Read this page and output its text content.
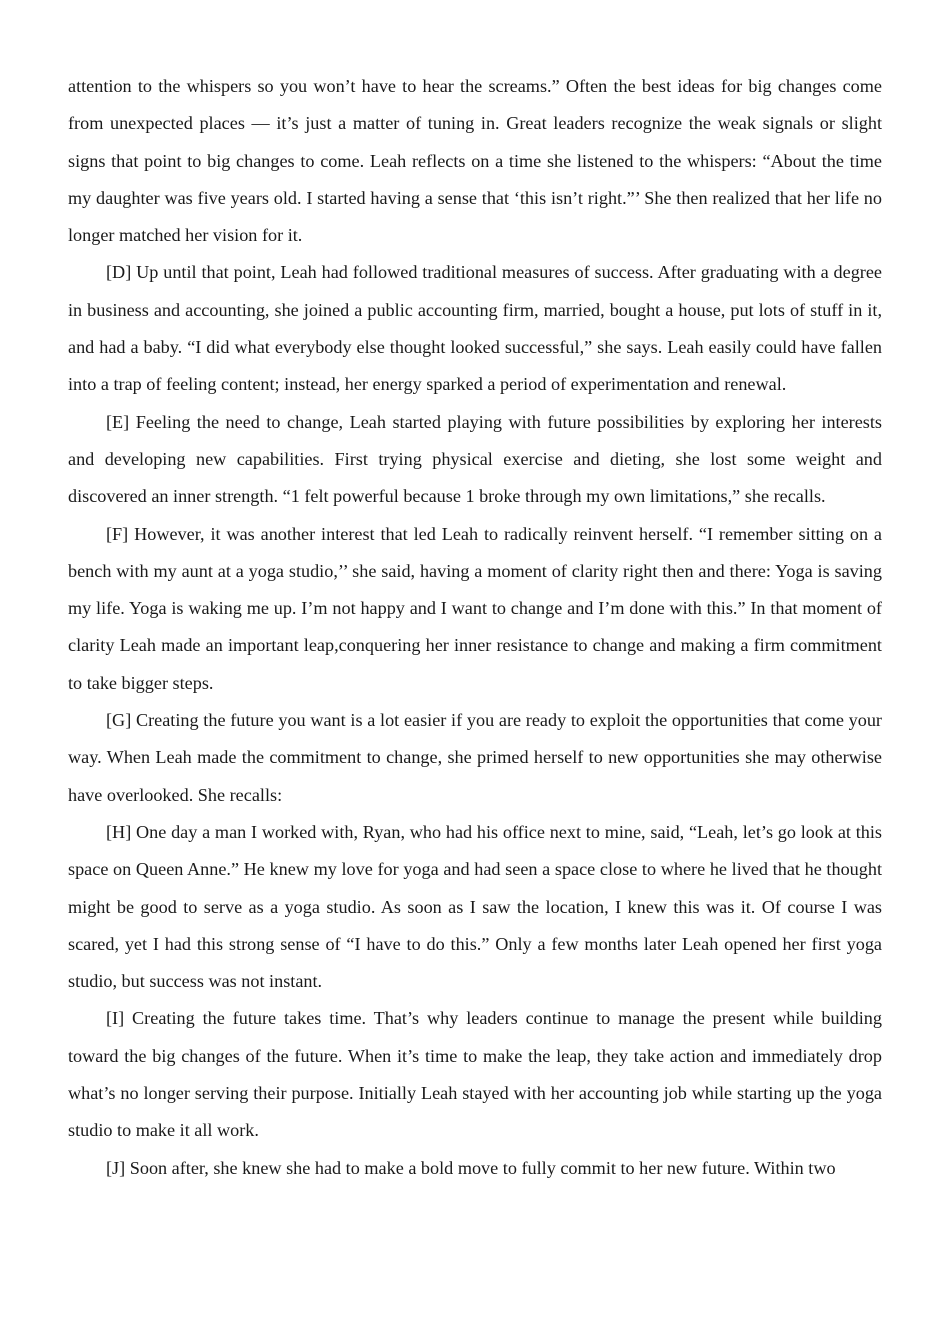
attention to the whispers so you won’t have to hear the screams.” Often the best ideas for big changes come from unexpected places — it’s just a matter of tuning in. Great leaders recognize the weak signals or slight signs that point to big changes to come. Leah reflects on a time she listened to the whispers: “About the time my daughter was five years old. I started having a sense that ‘this isn’t right.”’ She then realized that her life no longer matched her vision for it.

[D] Up until that point, Leah had followed traditional measures of success. After graduating with a degree in business and accounting, she joined a public accounting firm, married, bought a house, put lots of stuff in it, and had a baby. “I did what everybody else thought looked successful,” she says. Leah easily could have fallen into a trap of feeling content; instead, her energy sparked a period of experimentation and renewal.

[E] Feeling the need to change, Leah started playing with future possibilities by exploring her interests and developing new capabilities. First trying physical exercise and dieting, she lost some weight and discovered an inner strength. “1 felt powerful because 1 broke through my own limitations,” she recalls.

[F] However, it was another interest that led Leah to radically reinvent herself. “I remember sitting on a bench with my aunt at a yoga studio,’’ she said, having a moment of clarity right then and there: Yoga is saving my life. Yoga is waking me up. I’m not happy and I want to change and I’m done with this.” In that moment of clarity Leah made an important leap,conquering her inner resistance to change and making a firm commitment to take bigger steps.

[G] Creating the future you want is a lot easier if you are ready to exploit the opportunities that come your way. When Leah made the commitment to change, she primed herself to new opportunities she may otherwise have overlooked. She recalls:

[H] One day a man I worked with, Ryan, who had his office next to mine, said, “Leah, let’s go look at this space on Queen Anne.” He knew my love for yoga and had seen a space close to where he lived that he thought might be good to serve as a yoga studio. As soon as I saw the location, I knew this was it. Of course I was scared, yet I had this strong sense of “I have to do this.” Only a few months later Leah opened her first yoga studio, but success was not instant.

[I] Creating the future takes time. That’s why leaders continue to manage the present while building toward the big changes of the future. When it’s time to make the leap, they take action and immediately drop what’s no longer serving their purpose. Initially Leah stayed with her accounting job while starting up the yoga studio to make it all work.

[J] Soon after, she knew she had to make a bold move to fully commit to her new future. Within two
